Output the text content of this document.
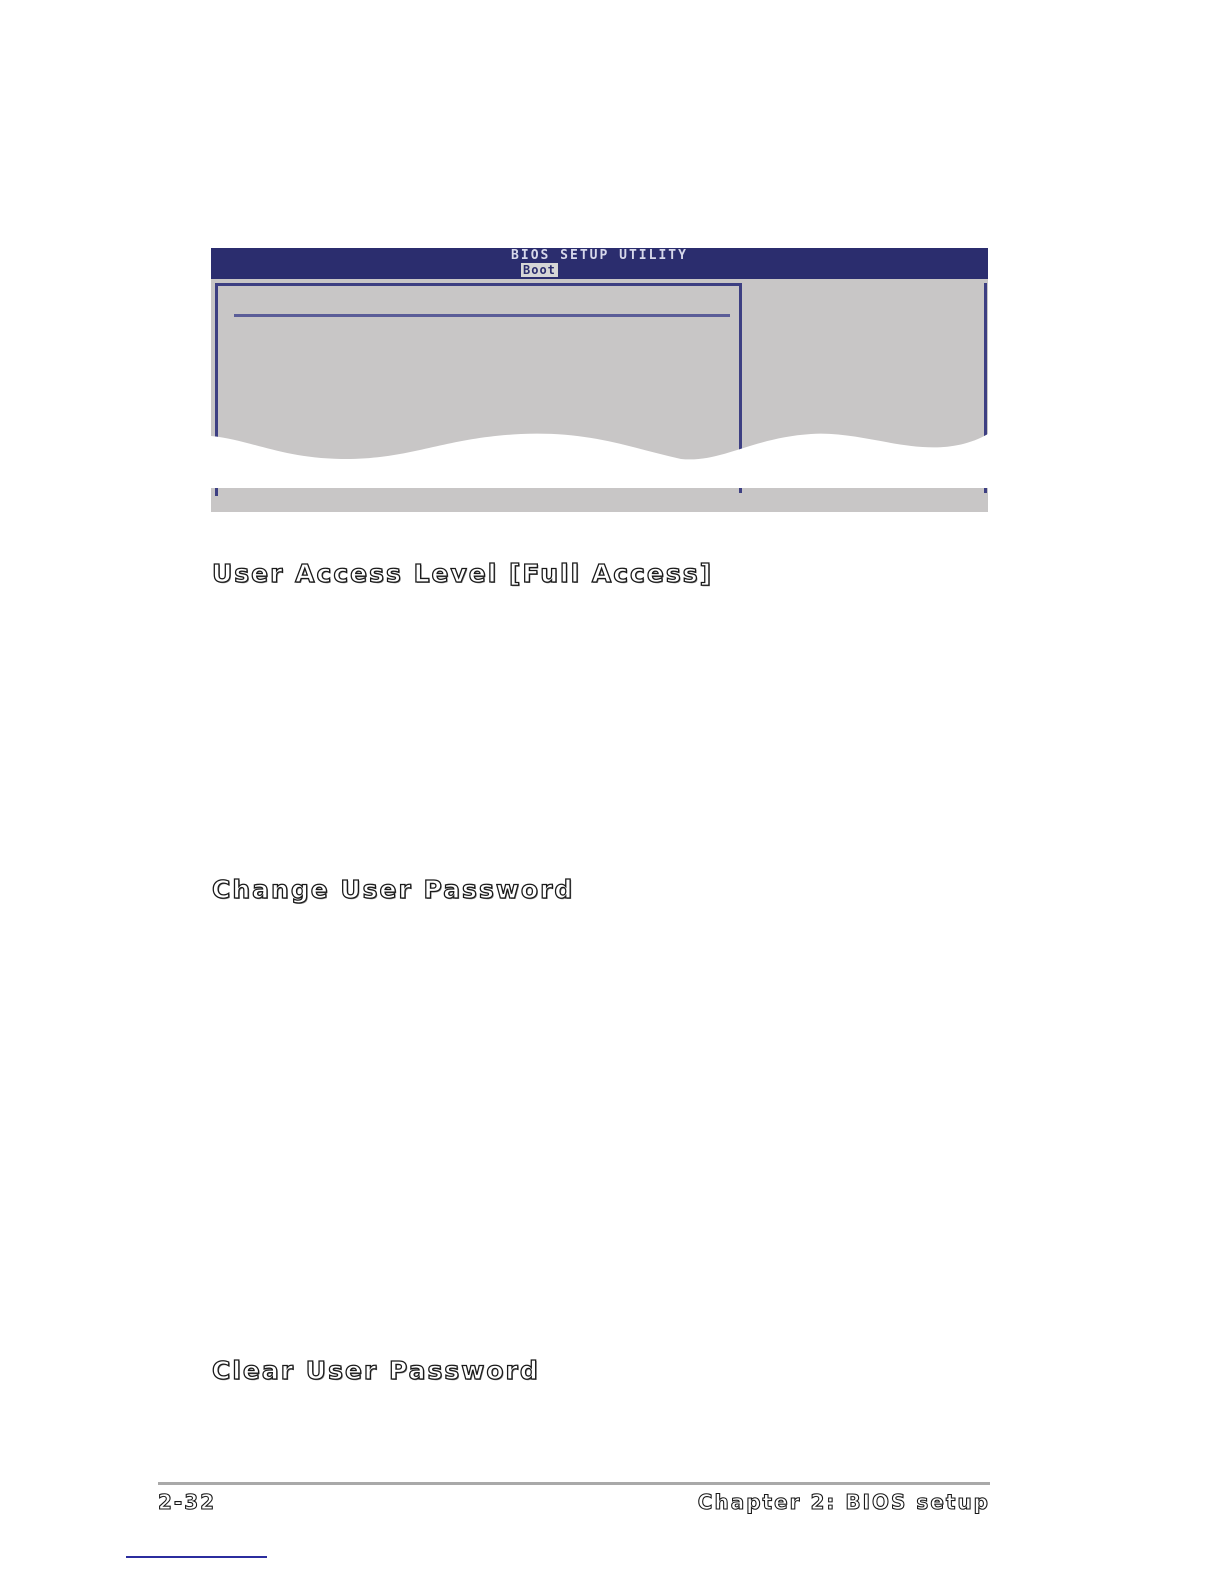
BIOS SETUP UTILITY
Boot
User Access Level [Full Access]
Change User Password
Clear User Password
2-32	Chapter 2: BIOS setup
